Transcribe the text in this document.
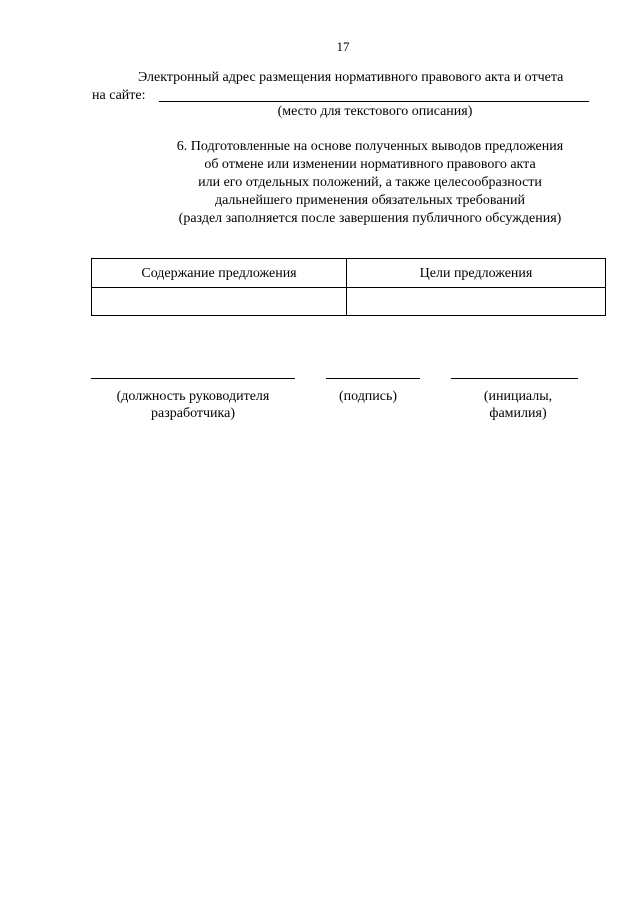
17
Электронный адрес размещения нормативного правового акта и отчета
на сайте:
(место для текстового описания)
6. Подготовленные на основе полученных выводов предложения
об отмене или изменении нормативного правового акта
или его отдельных положений, а также целесообразности
дальнейшего применения обязательных требований
(раздел заполняется после завершения публичного обсуждения)
Содержание предложения	Цели предложения

(должность руководителя
разработчика)
(подпись)	(инициалы,
фамилия)
